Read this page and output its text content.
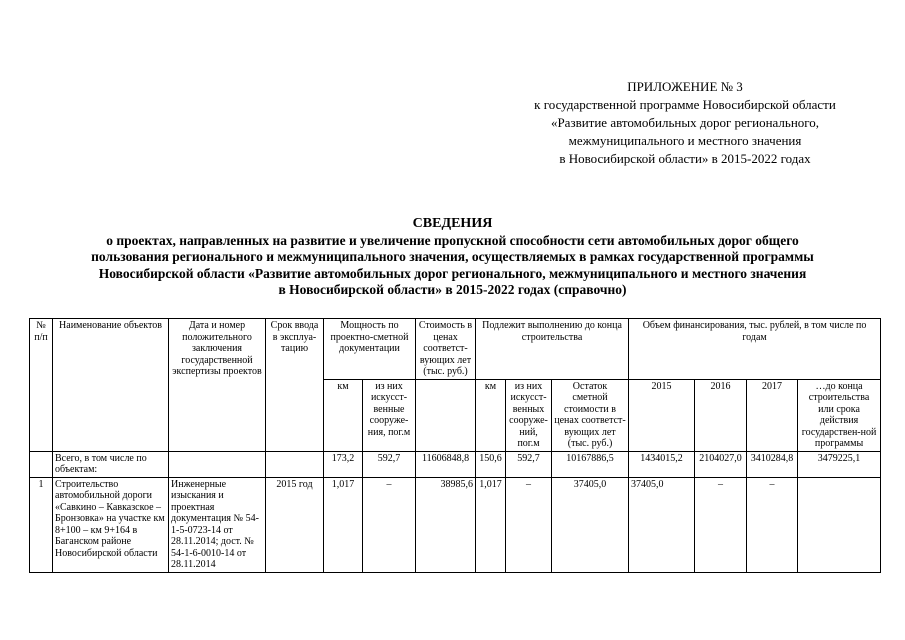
ПРИЛОЖЕНИЕ № 3
к государственной программе Новосибирской области
«Развитие автомобильных дорог регионального,
межмуниципального и местного значения
в Новосибирской области» в 2015-2022 годах
СВЕДЕНИЯ
о проектах, направленных на развитие и увеличение пропускной способности сети автомобильных дорог общего
пользования регионального и межмуниципального значения, осуществляемых в рамках государственной программы
Новосибирской области «Развитие автомобильных дорог регионального, межмуниципального и местного значения
в Новосибирской области» в 2015-2022 годах (справочно)
№ п/п	Наименование объектов	Дата и номер положительного заключения государственной экспертизы проектов	Срок ввода в эксплуа-тацию	Мощность по проектно-сметной документации		Стоимость в ценах соответст-вующих лет (тыс. руб.)	Подлежит выполнению до конца строительства			Объем финансирования, тыс. рублей, в том числе по годам			
				км	из них искусст-венные сооруже-ния, пог.м		км	из них искусст-венных сооруже-ний, пог.м	Остаток сметной стоимости в ценах соответст-вующих лет (тыс. руб.)	2015	2016	2017	…до конца строительства или срока действия государствен-ной программы
	Всего, в том числе по объектам:			173,2	592,7	11606848,8	150,6	592,7	10167886,5	1434015,2	2104027,0	3410284,8	3479225,1
1	Строительство автомобильной дороги «Савкино – Кавказское – Бронзовка» на участке км 8+100 – км 9+164 в Баганском районе Новосибирской области	Инженерные изыскания и проектная документация № 54-1-5-0723-14 от 28.11.2014; дост. № 54-1-6-0010-14 от 28.11.2014	2015 год	1,017	–	38985,6	1,017	–	37405,0	37405,0	–	–	
